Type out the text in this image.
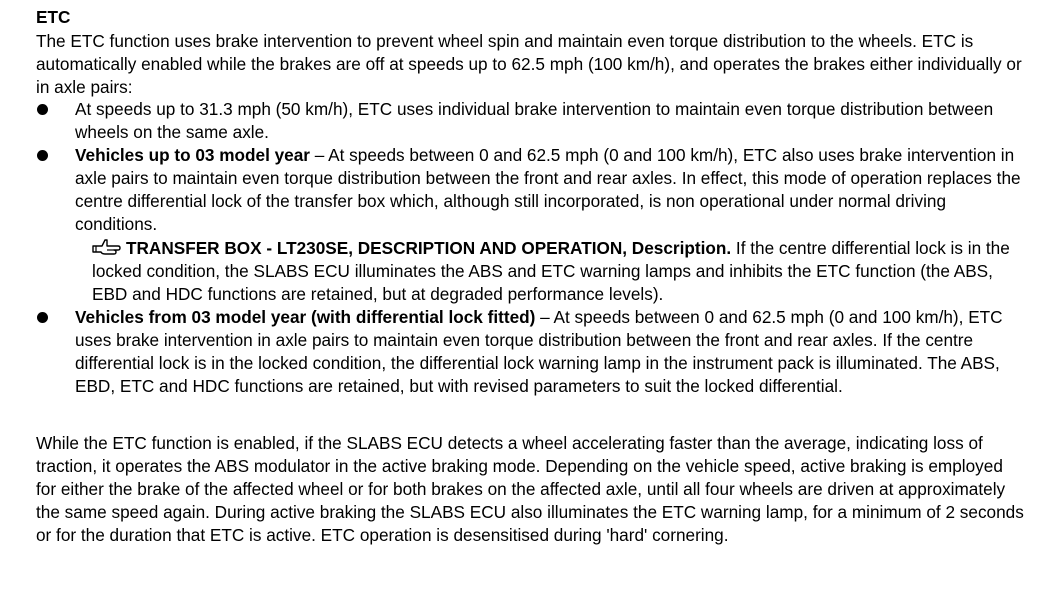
ETC

The ETC function uses brake intervention to prevent wheel spin and maintain even torque distribution to the wheels. ETC is automatically enabled while the brakes are off at speeds up to 62.5 mph (100 km/h), and operates the brakes either individually or in axle pairs:

At speeds up to 31.3 mph (50 km/h), ETC uses individual brake intervention to maintain even torque distribution between wheels on the same axle.
Vehicles up to 03 model year – At speeds between 0 and 62.5 mph (0 and 100 km/h), ETC also uses brake intervention in axle pairs to maintain even torque distribution between the front and rear axles. In effect, this mode of operation replaces the centre differential lock of the transfer box which, although still incorporated, is non operational under normal driving conditions.
TRANSFER BOX - LT230SE, DESCRIPTION AND OPERATION, Description. If the centre differential lock is in the locked condition, the SLABS ECU illuminates the ABS and ETC warning lamps and inhibits the ETC function (the ABS, EBD and HDC functions are retained, but at degraded performance levels).
Vehicles from 03 model year (with differential lock fitted) – At speeds between 0 and 62.5 mph (0 and 100 km/h), ETC uses brake intervention in axle pairs to maintain even torque distribution between the front and rear axles. If the centre differential lock is in the locked condition, the differential lock warning lamp in the instrument pack is illuminated. The ABS, EBD, ETC and HDC functions are retained, but with revised parameters to suit the locked differential.

While the ETC function is enabled, if the SLABS ECU detects a wheel accelerating faster than the average, indicating loss of traction, it operates the ABS modulator in the active braking mode. Depending on the vehicle speed, active braking is employed for either the brake of the affected wheel or for both brakes on the affected axle, until all four wheels are driven at approximately the same speed again. During active braking the SLABS ECU also illuminates the ETC warning lamp, for a minimum of 2 seconds or for the duration that ETC is active. ETC operation is desensitised during 'hard' cornering.
